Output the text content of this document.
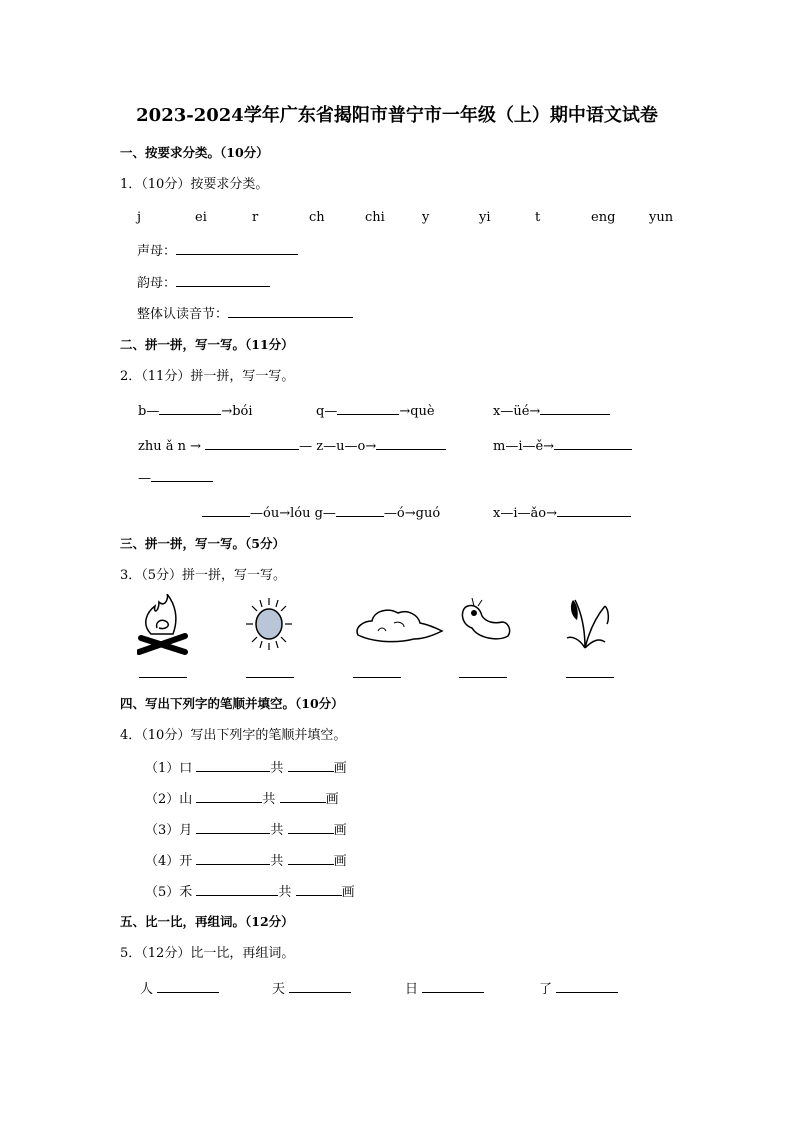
2023-2024学年广东省揭阳市普宁市一年级（上）期中语文试卷
一、按要求分类。（10分）
1．（10分）按要求分类。
j	ei	r	ch	chi	y	yi	t	eng	yun
声母：
韵母：
整体认读音节：
二、拼一拼，写一写。（11分）
2．（11分）拼一拼，写一写。
b—	→bói	q—	→què	x—üé→
zhu ǎ n →	— z—u—o→	m—i—ě→
—
—óu→lóu g—	—ó→guó	x—i—ǎo→
三、拼一拼，写一写。（5分）
3．（5分）拼一拼，写一写。
四、写出下列字的笔顺并填空。（10分）
4．（10分）写出下列字的笔顺并填空。
（1）口	共	画
（2）山	共	画
（3）月	共	画
（4）开	共	画
（5）禾	共	画
五、比一比，再组词。（12分）
5．（12分）比一比，再组词。
人	天	日	了
